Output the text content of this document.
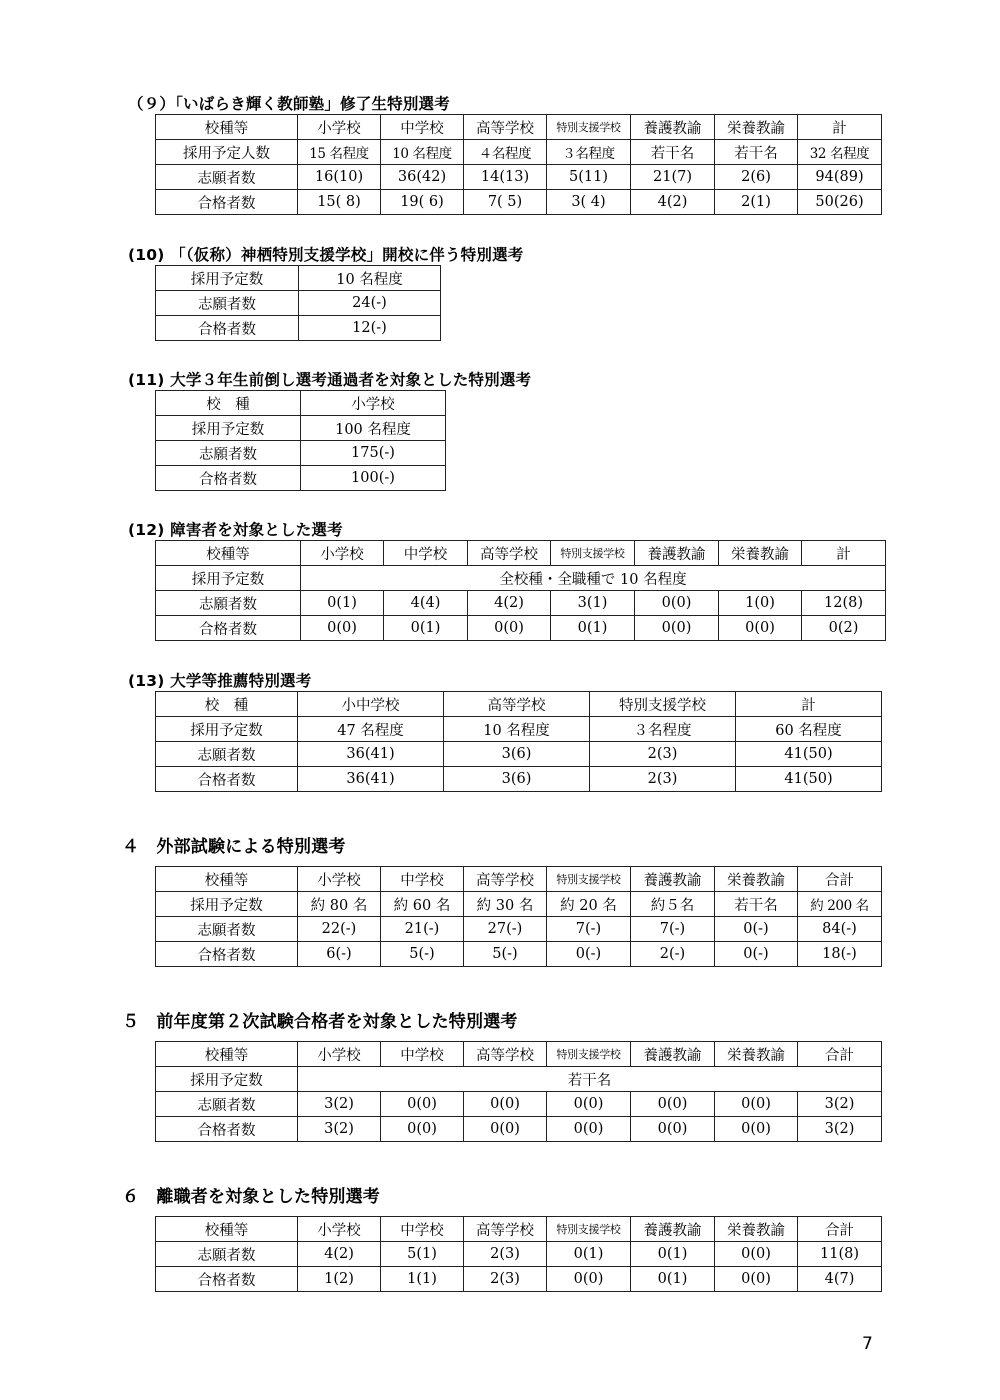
（９）「いばらき輝く教師塾」修了生特別選考
校種等	小学校	中学校	高等学校	特別支援学校	養護教諭	栄養教諭	計
採用予定人数	15 名程度	10 名程度	４名程度	３名程度	若干名	若干名	32 名程度
志願者数	16(10)	36(42)	14(13)	5(11)	21(7)	2(6)	94(89)
合格者数	15( 8)	19( 6)	7( 5)	3( 4)	4(2)	2(1)	50(26)
(10) 「（仮称）神栖特別支援学校」開校に伴う特別選考
採用予定数	10 名程度
志願者数	24(-)
合格者数	12(-)
(11) 大学３年生前倒し選考通過者を対象とした特別選考
校　種	小学校
採用予定数	100 名程度
志願者数	175(-)
合格者数	100(-)
(12) 障害者を対象とした選考
校種等	小学校	中学校	高等学校	特別支援学校	養護教諭	栄養教諭	計
採用予定数	全校種・全職種で 10 名程度						
志願者数	0(1)	4(4)	4(2)	3(1)	0(0)	1(0)	12(8)
合格者数	0(0)	0(1)	0(0)	0(1)	0(0)	0(0)	0(2)
(13) 大学等推薦特別選考
校　種	小中学校	高等学校	特別支援学校	計
採用予定数	47 名程度	10 名程度	３名程度	60 名程度
志願者数	36(41)	3(6)	2(3)	41(50)
合格者数	36(41)	3(6)	2(3)	41(50)
４　外部試験による特別選考
校種等	小学校	中学校	高等学校	特別支援学校	養護教諭	栄養教諭	合計
採用予定数	約 80 名	約 60 名	約 30 名	約 20 名	約５名	若干名	約 200 名
志願者数	22(-)	21(-)	27(-)	7(-)	7(-)	0(-)	84(-)
合格者数	6(-)	5(-)	5(-)	0(-)	2(-)	0(-)	18(-)
５　前年度第２次試験合格者を対象とした特別選考
校種等	小学校	中学校	高等学校	特別支援学校	養護教諭	栄養教諭	合計
採用予定数	若干名						
志願者数	3(2)	0(0)	0(0)	0(0)	0(0)	0(0)	3(2)
合格者数	3(2)	0(0)	0(0)	0(0)	0(0)	0(0)	3(2)
６　離職者を対象とした特別選考
校種等	小学校	中学校	高等学校	特別支援学校	養護教諭	栄養教諭	合計
志願者数	4(2)	5(1)	2(3)	0(1)	0(1)	0(0)	11(8)
合格者数	1(2)	1(1)	2(3)	0(0)	0(1)	0(0)	4(7)
7
